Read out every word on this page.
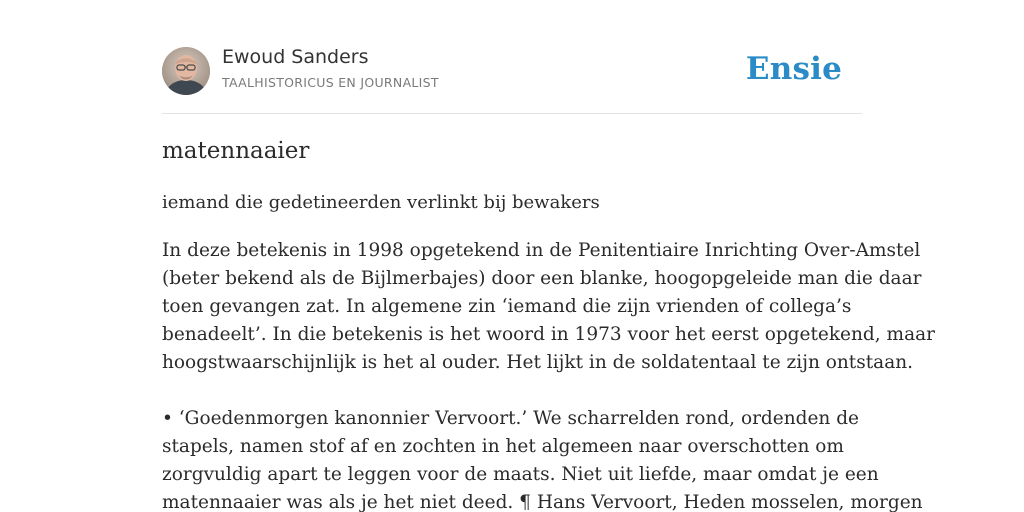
Ewoud Sanders
TAALHISTORICUS EN JOURNALIST	Ensie
matennaaier
iemand die gedetineerden verlinkt bij bewakers
In deze betekenis in 1998 opgetekend in de Penitentiaire Inrichting Over-Amstel
(beter bekend als de Bijlmerbajes) door een blanke, hoogopgeleide man die daar
toen gevangen zat. In algemene zin ‘iemand die zijn vrienden of collega’s
benadeelt’. In die betekenis is het woord in 1973 voor het eerst opgetekend, maar
hoogstwaarschijnlijk is het al ouder. Het lijkt in de soldatentaal te zijn ontstaan.
• ‘Goedenmorgen kanonnier Vervoort.’ We scharrelden rond, ordenden de
stapels, namen stof af en zochten in het algemeen naar overschotten om
zorgvuldig apart te leggen voor de maats. Niet uit liefde, maar omdat je een
matennaaier was als je het niet deed. ¶ Hans Vervoort, Heden mosselen, morgen
